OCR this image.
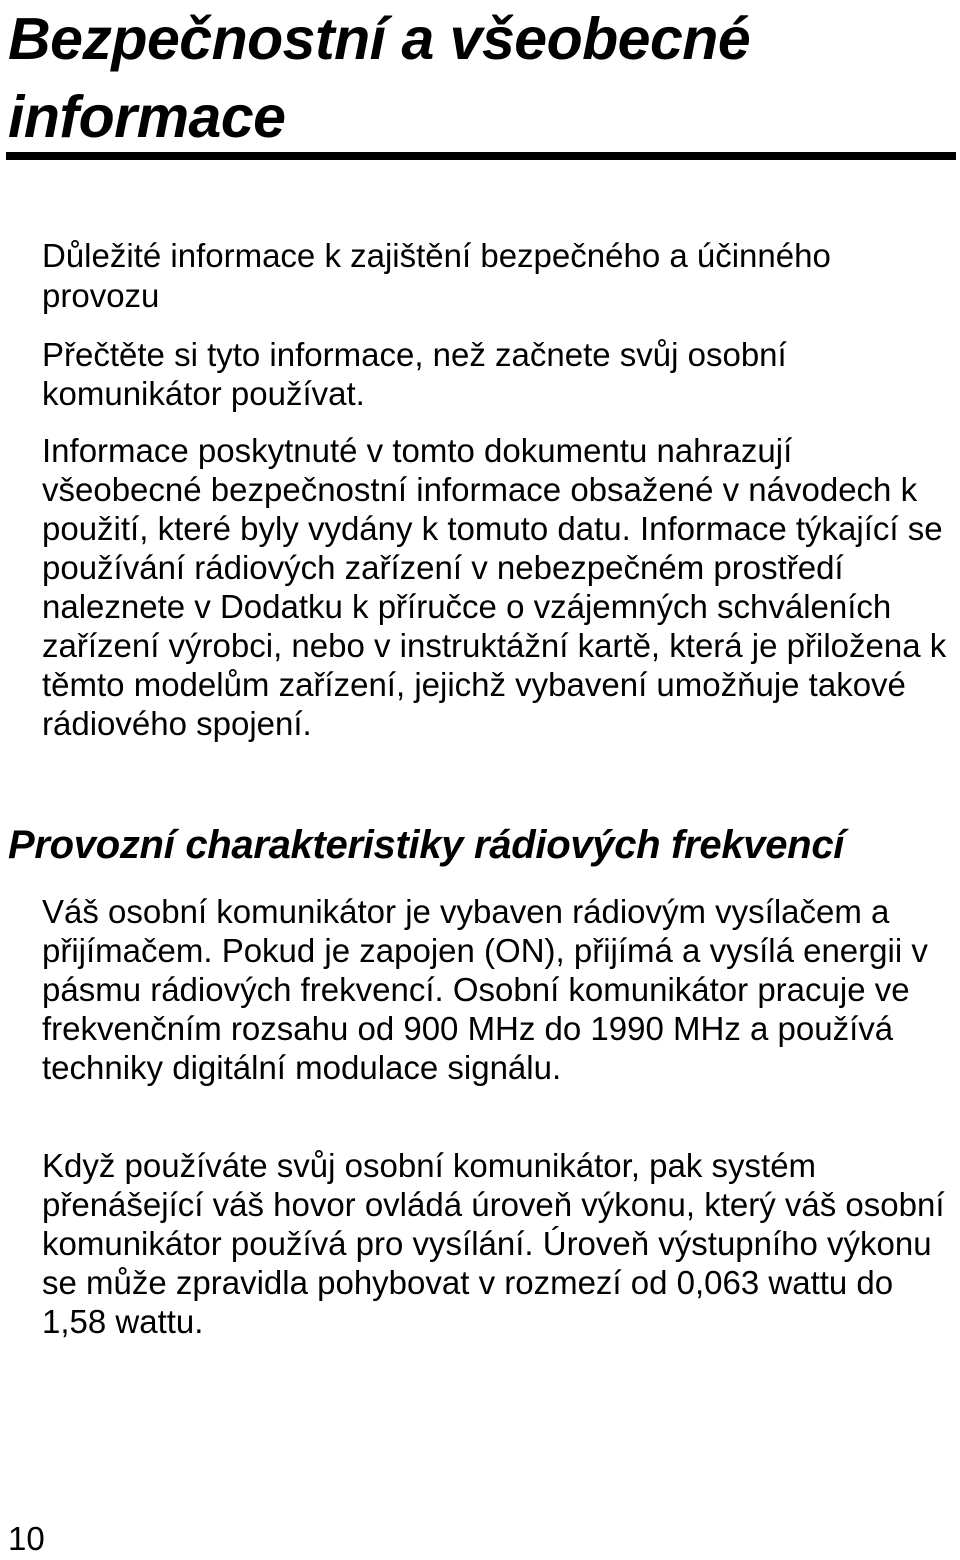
Bezpečnostní a všeobecné informace
Důležité informace k zajištění bezpečného a účinného provozu

Přečtěte si tyto informace, než začnete svůj osobní komunikátor používat.

Informace poskytnuté v tomto dokumentu nahrazují všeobecné bezpečnostní informace obsažené v návodech k použití, které byly vydány k tomuto datu. Informace týkající se používání rádiových zařízení v nebezpečném prostředí naleznete v Dodatku k příručce o vzájemných schváleních zařízení výrobci, nebo v instruktážní kartě, která je přiložena k těmto modelům zařízení, jejichž vybavení umožňuje takové rádiového spojení.

Provozní charakteristiky rádiových frekvencí

Váš osobní komunikátor je vybaven rádiovým vysílačem a přijímačem. Pokud je zapojen (ON), přijímá a vysílá energii v pásmu rádiových frekvencí. Osobní komunikátor pracuje ve frekvenčním rozsahu od 900 MHz do 1990 MHz a používá techniky digitální modulace signálu.

Když používáte svůj osobní komunikátor, pak systém přenášející váš hovor ovládá úroveň výkonu, který váš osobní komunikátor používá pro vysílání. Úroveň výstupního výkonu se může zpravidla pohybovat v rozmezí od 0,063 wattu do 1,58 wattu.

10
